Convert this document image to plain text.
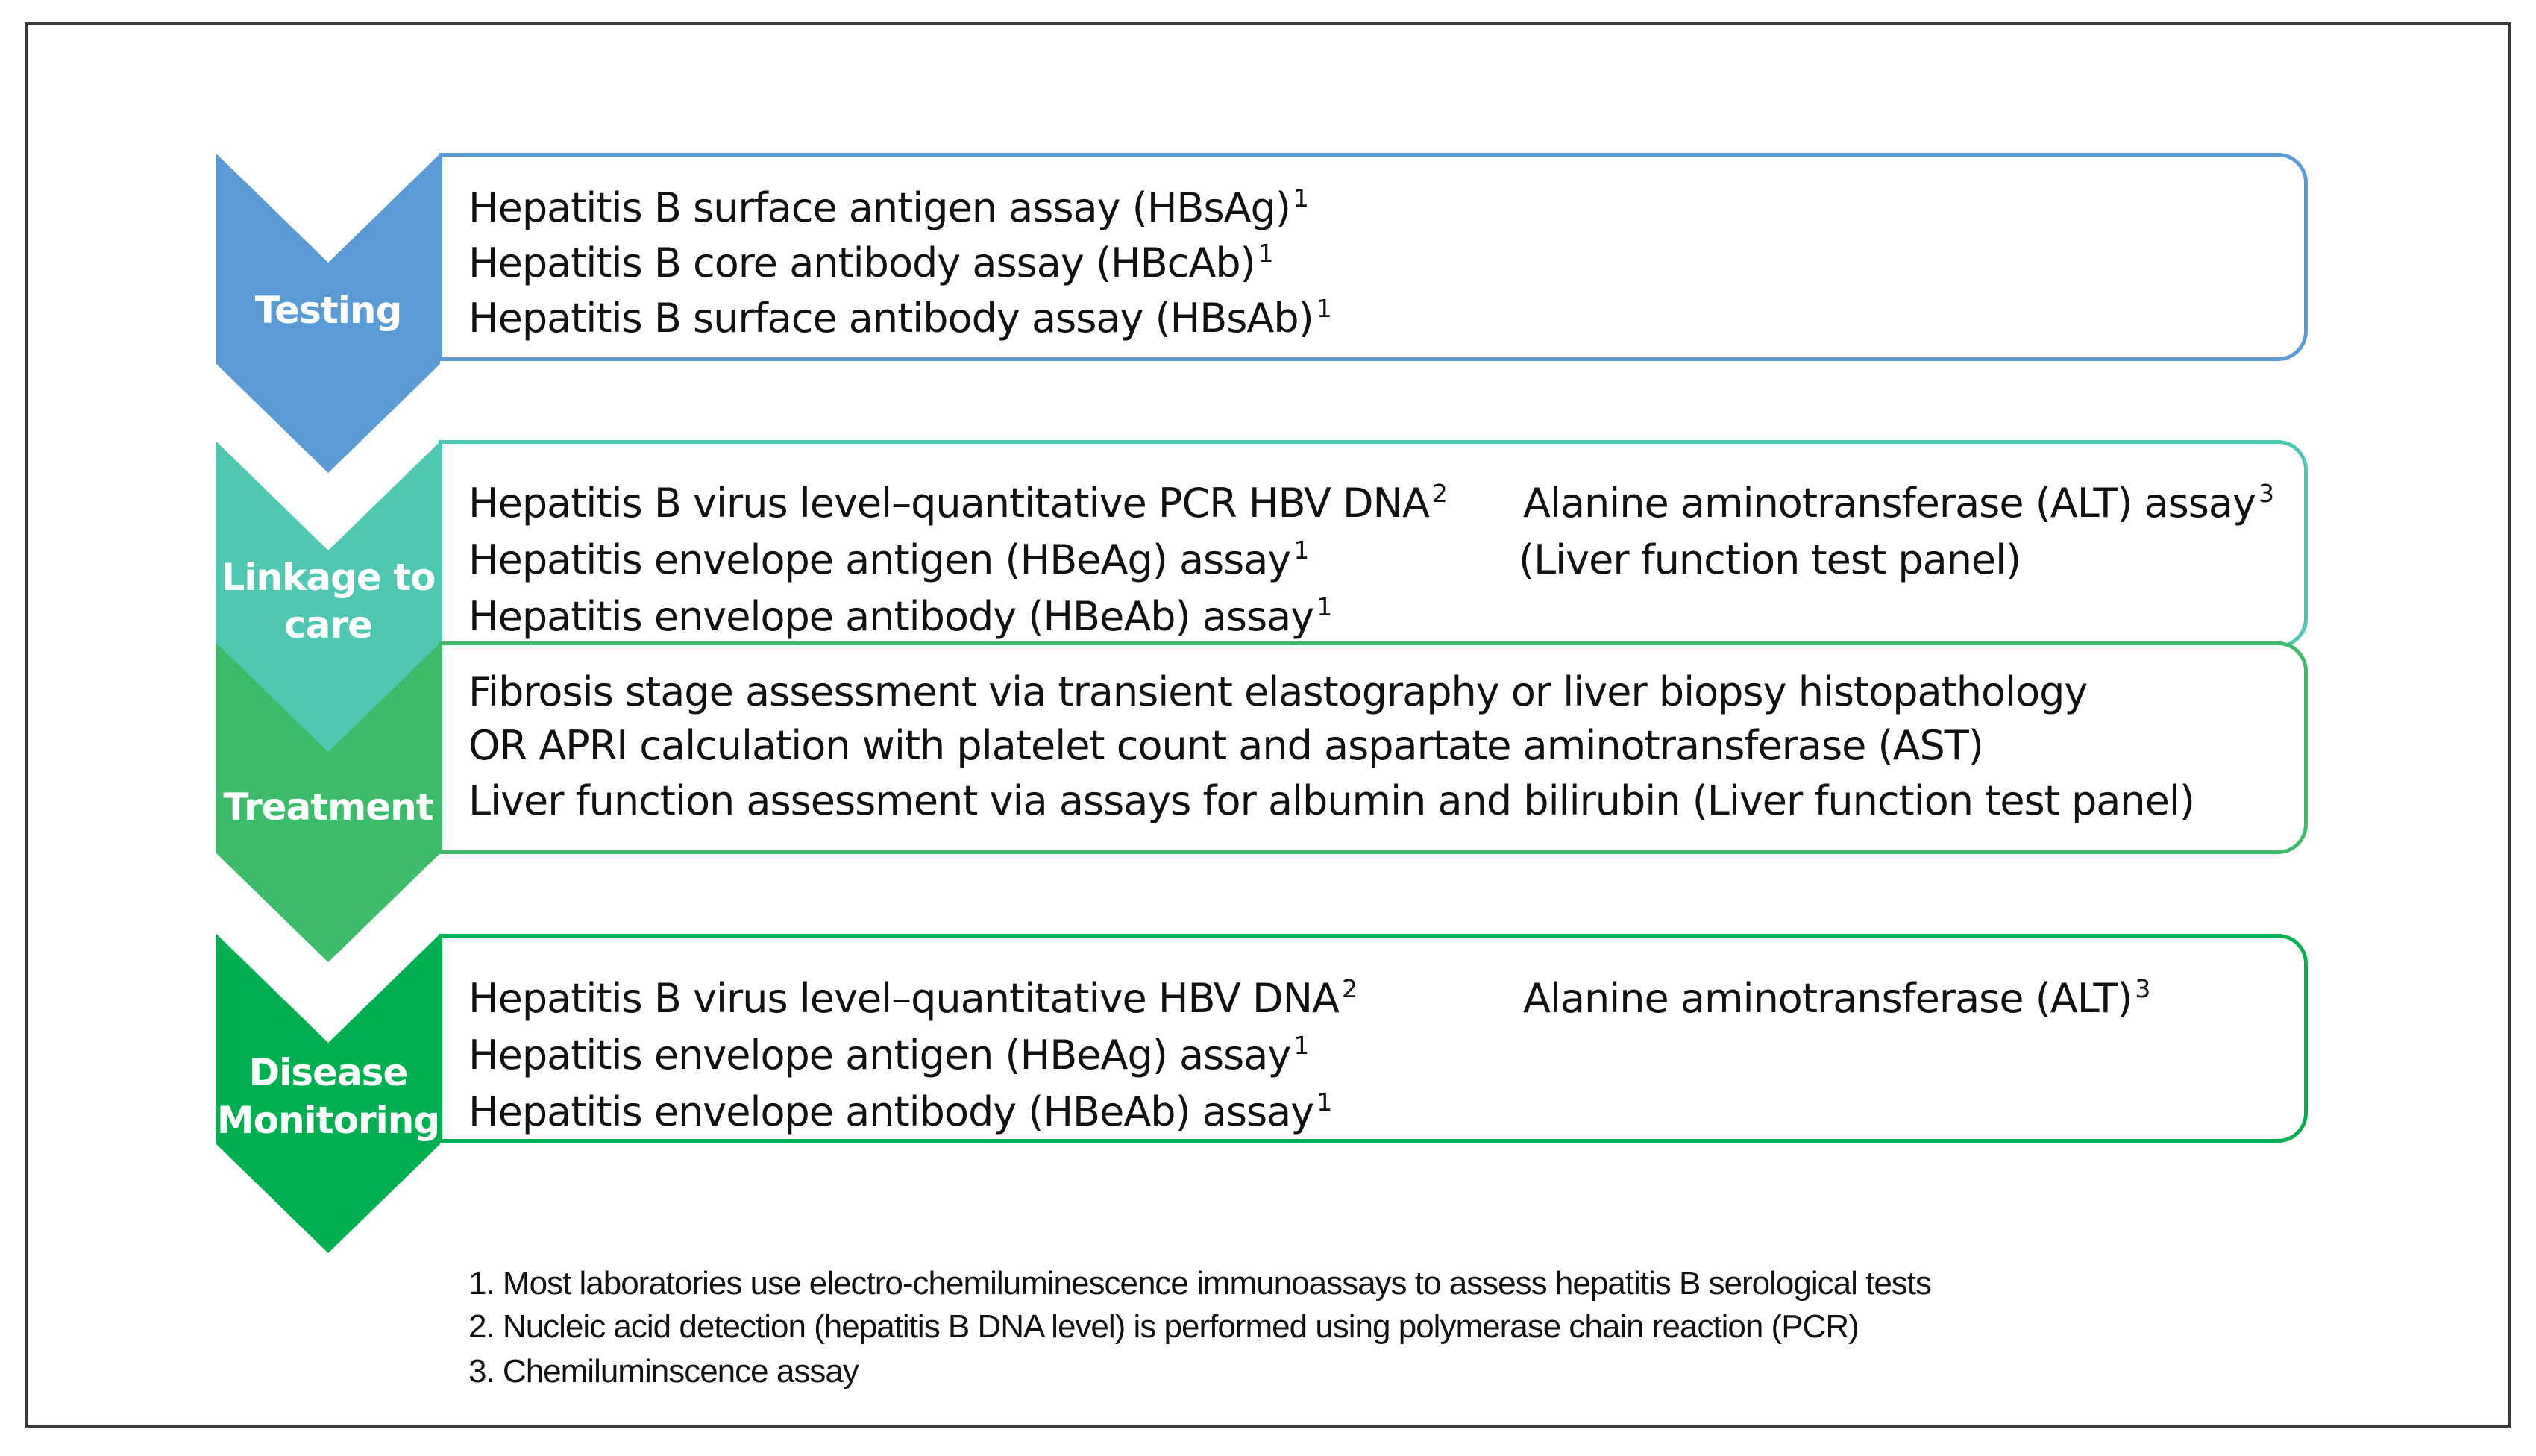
Testing
Linkage to
care
Treatment
Disease
Monitoring
Hepatitis B surface antigen assay (HBsAg) $^1$
Hepatitis B core antibody assay (HBcAb) $^1$
Hepatitis B surface antibody assay (HBsAb) $^1$
Hepatitis B virus level–quantitative PCR HBV DNA $^2$
Hepatitis envelope antigen (HBeAg) assay $^1$
Hepatitis envelope antibody (HBeAb) assay $^1$
Alanine aminotransferase (ALT) assay $^3$
(Liver function test panel)
Fibrosis stage assessment via transient elastography or liver biopsy histopathology
OR APRI calculation with platelet count and aspartate aminotransferase (AST)
Liver function assessment via assays for albumin and bilirubin (Liver function test panel)
Hepatitis B virus level–quantitative HBV DNA $^2$
Hepatitis envelope antigen (HBeAg) assay $^1$
Hepatitis envelope antibody (HBeAb) assay $^1$
Alanine aminotransferase (ALT) $^3$
1. Most laboratories use electro-chemiluminescence immunoassays to assess hepatitis B serological tests
2. Nucleic acid detection (hepatitis B DNA level) is performed using polymerase chain reaction (PCR)
3. Chemiluminscence assay
